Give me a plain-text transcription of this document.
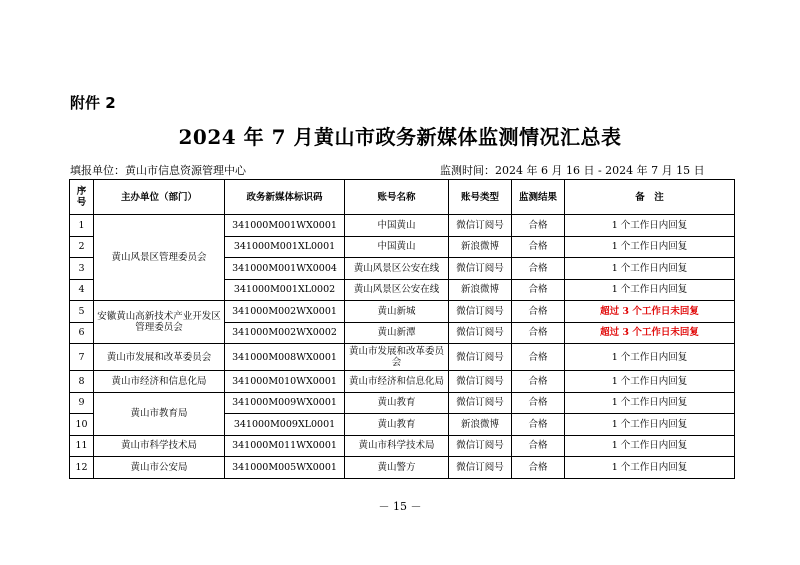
附件 2
2024 年 7 月黄山市政务新媒体监测情况汇总表
填报单位：黄山市信息资源管理中心	监测时间：2024 年 6 月 16 日 - 2024 年 7 月 15 日
序号	主办单位（部门）	政务新媒体标识码	账号名称	账号类型	监测结果	备　注
1	黄山风景区管理委员会	341000M001WX0001	中国黄山	微信订阅号	合格	1 个工作日内回复
2		341000M001XL0001	中国黄山	新浪微博	合格	1 个工作日内回复
3		341000M001WX0004	黄山风景区公安在线	微信订阅号	合格	1 个工作日内回复
4		341000M001XL0002	黄山风景区公安在线	新浪微博	合格	1 个工作日内回复
5	安徽黄山高新技术产业开发区管理委员会	341000M002WX0001	黄山新城	微信订阅号	合格	超过 3 个工作日未回复
6		341000M002WX0002	黄山新潭	微信订阅号	合格	超过 3 个工作日未回复
7	黄山市发展和改革委员会	341000M008WX0001	黄山市发展和改革委员会	微信订阅号	合格	1 个工作日内回复
8	黄山市经济和信息化局	341000M010WX0001	黄山市经济和信息化局	微信订阅号	合格	1 个工作日内回复
9	黄山市教育局	341000M009WX0001	黄山教育	微信订阅号	合格	1 个工作日内回复
10		341000M009XL0001	黄山教育	新浪微博	合格	1 个工作日内回复
11	黄山市科学技术局	341000M011WX0001	黄山市科学技术局	微信订阅号	合格	1 个工作日内回复
12	黄山市公安局	341000M005WX0001	黄山警方	微信订阅号	合格	1 个工作日内回复
－ 15 －
